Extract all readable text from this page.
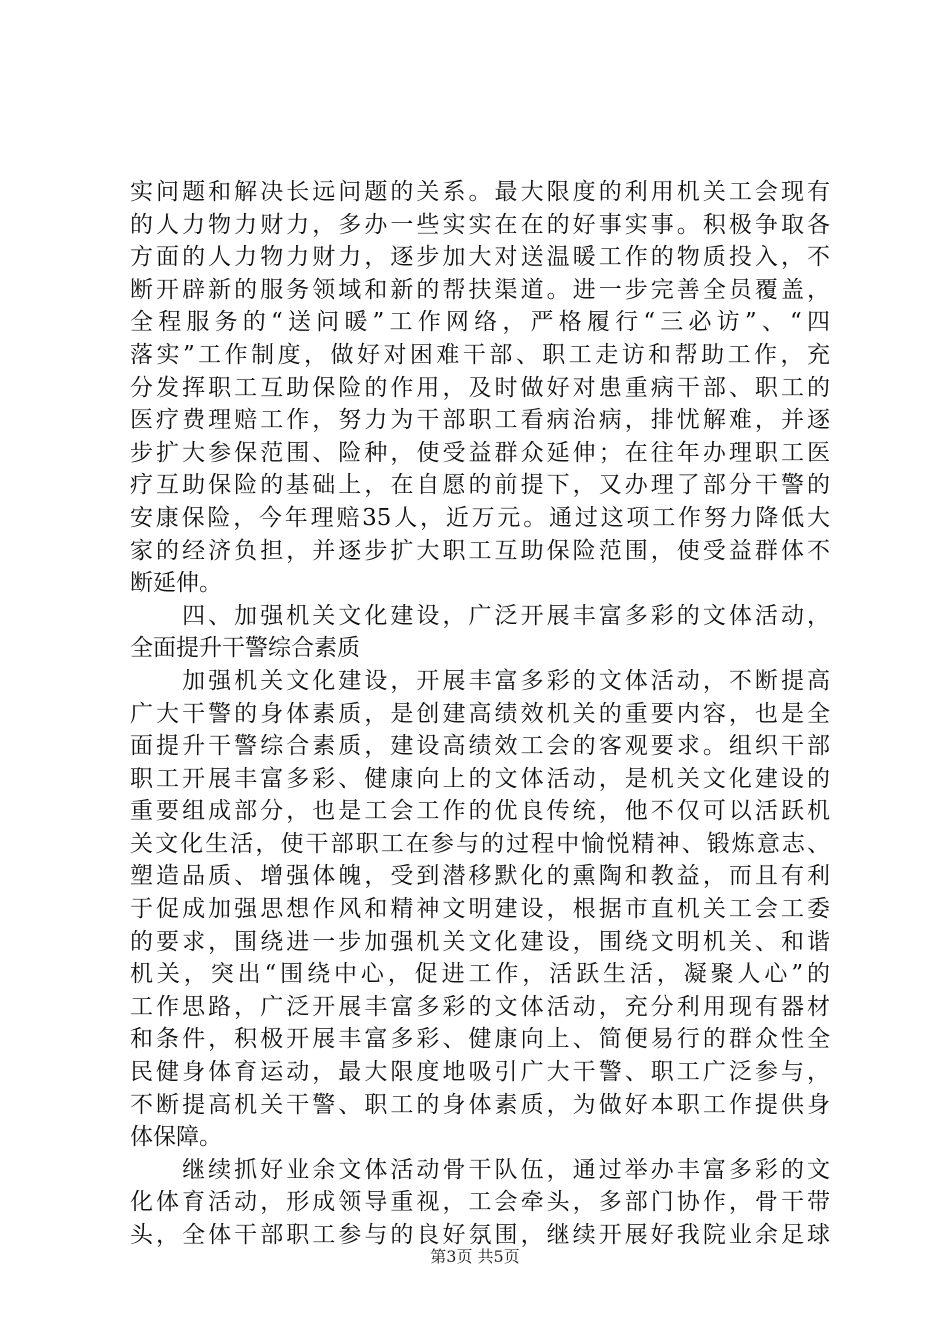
实问题和解决长远问题的关系。最大限度的利用机关工会现有
的人力物力财力，多办一些实实在在的好事实事。积极争取各
方面的人力物力财力，逐步加大对送温暖工作的物质投入，不
断开辟新的服务领域和新的帮扶渠道。进一步完善全员覆盖，
全程服务的“送问暖”工作网络，严格履行“三必访”、“四
落实”工作制度，做好对困难干部、职工走访和帮助工作，充
分发挥职工互助保险的作用，及时做好对患重病干部、职工的
医疗费理赔工作，努力为干部职工看病治病，排忧解难，并逐
步扩大参保范围、险种，使受益群众延伸；在往年办理职工医
疗互助保险的基础上，在自愿的前提下，又办理了部分干警的
安康保险，今年理赔35人，近万元。通过这项工作努力降低大
家的经济负担，并逐步扩大职工互助保险范围，使受益群体不
断延伸。
　　四、加强机关文化建设，广泛开展丰富多彩的文体活动，
全面提升干警综合素质
　　加强机关文化建设，开展丰富多彩的文体活动，不断提高
广大干警的身体素质，是创建高绩效机关的重要内容，也是全
面提升干警综合素质，建设高绩效工会的客观要求。组织干部
职工开展丰富多彩、健康向上的文体活动，是机关文化建设的
重要组成部分，也是工会工作的优良传统，他不仅可以活跃机
关文化生活，使干部职工在参与的过程中愉悦精神、锻炼意志、
塑造品质、增强体魄，受到潜移默化的熏陶和教益，而且有利
于促成加强思想作风和精神文明建设，根据市直机关工会工委
的要求，围绕进一步加强机关文化建设，围绕文明机关、和谐
机关，突出“围绕中心，促进工作，活跃生活，凝聚人心”的
工作思路，广泛开展丰富多彩的文体活动，充分利用现有器材
和条件，积极开展丰富多彩、健康向上、简便易行的群众性全
民健身体育运动，最大限度地吸引广大干警、职工广泛参与，
不断提高机关干警、职工的身体素质，为做好本职工作提供身
体保障。
　　继续抓好业余文体活动骨干队伍，通过举办丰富多彩的文
化体育活动，形成领导重视，工会牵头，多部门协作，骨干带
头，全体干部职工参与的良好氛围，继续开展好我院业余足球
第3页 共5页
